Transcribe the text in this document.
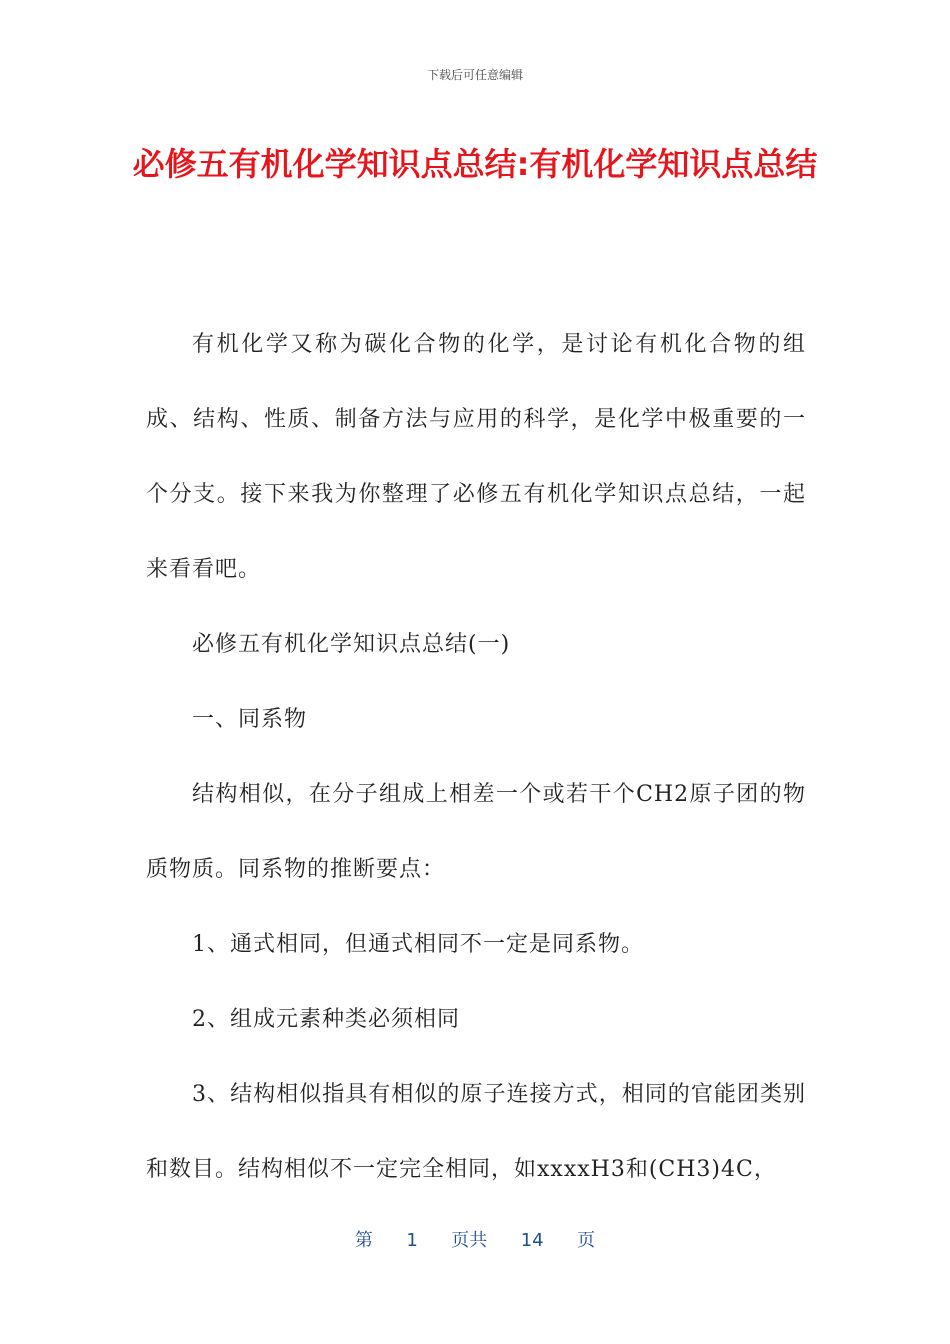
下载后可任意编辑
必修五有机化学知识点总结:有机化学知识点总结

有机化学又称为碳化合物的化学，是讨论有机化合物的组成、结构、性质、制备方法与应用的科学，是化学中极重要的一个分支。接下来我为你整理了必修五有机化学知识点总结，一起来看看吧。

必修五有机化学知识点总结(一)

一、同系物

结构相似，在分子组成上相差一个或若干个CH2原子团的物质物质。同系物的推断要点：

1、通式相同，但通式相同不一定是同系物。

2、组成元素种类必须相同

3、结构相似指具有相似的原子连接方式，相同的官能团类别和数目。结构相似不一定完全相同，如xxxxH3和(CH3)4C，

第 1 页共 14 页
